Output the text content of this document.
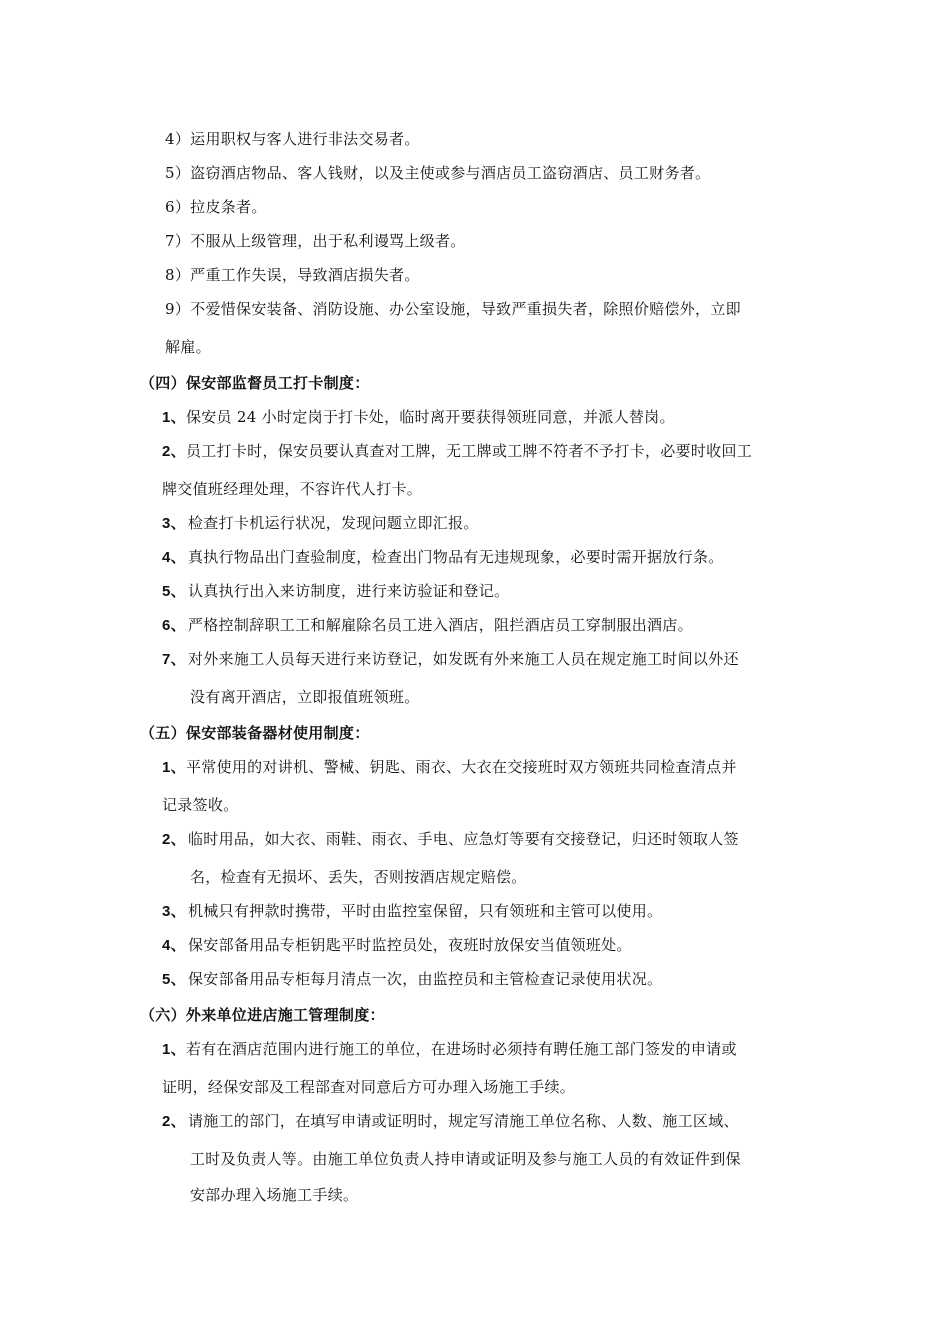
4）运用职权与客人进行非法交易者。
5）盗窃酒店物品、客人钱财，以及主使或参与酒店员工盗窃酒店、员工财务者。
6）拉皮条者。
7）不服从上级管理，出于私利谩骂上级者。
8）严重工作失误，导致酒店损失者。
9）不爱惜保安装备、消防设施、办公室设施，导致严重损失者，除照价赔偿外，立即
解雇。
（四）保安部监督员工打卡制度：
1、保安员 24 小时定岗于打卡处，临时离开要获得领班同意，并派人替岗。
2、员工打卡时，保安员要认真查对工牌，无工牌或工牌不符者不予打卡，必要时收回工
牌交值班经理处理，不容许代人打卡。
3、 检查打卡机运行状况，发现问题立即汇报。
4、 真执行物品出门查验制度，检查出门物品有无违规现象，必要时需开据放行条。
5、 认真执行出入来访制度，进行来访验证和登记。
6、 严格控制辞职工工和解雇除名员工进入酒店，阻拦酒店员工穿制服出酒店。
7、 对外来施工人员每天进行来访登记，如发既有外来施工人员在规定施工时间以外还
没有离开酒店，立即报值班领班。
（五）保安部装备器材使用制度：
1、平常使用的对讲机、警械、钥匙、雨衣、大衣在交接班时双方领班共同检查清点并
记录签收。
2、 临时用品，如大衣、雨鞋、雨衣、手电、应急灯等要有交接登记，归还时领取人签
名，检查有无损坏、丢失，否则按酒店规定赔偿。
3、 机械只有押款时携带，平时由监控室保留，只有领班和主管可以使用。
4、 保安部备用品专柜钥匙平时监控员处，夜班时放保安当值领班处。
5、 保安部备用品专柜每月清点一次，由监控员和主管检查记录使用状况。
（六）外来单位进店施工管理制度：
1、若有在酒店范围内进行施工的单位，在进场时必须持有聘任施工部门签发的申请或
证明，经保安部及工程部查对同意后方可办理入场施工手续。
2、 请施工的部门，在填写申请或证明时，规定写清施工单位名称、人数、施工区域、
工时及负责人等。由施工单位负责人持申请或证明及参与施工人员的有效证件到保
安部办理入场施工手续。
